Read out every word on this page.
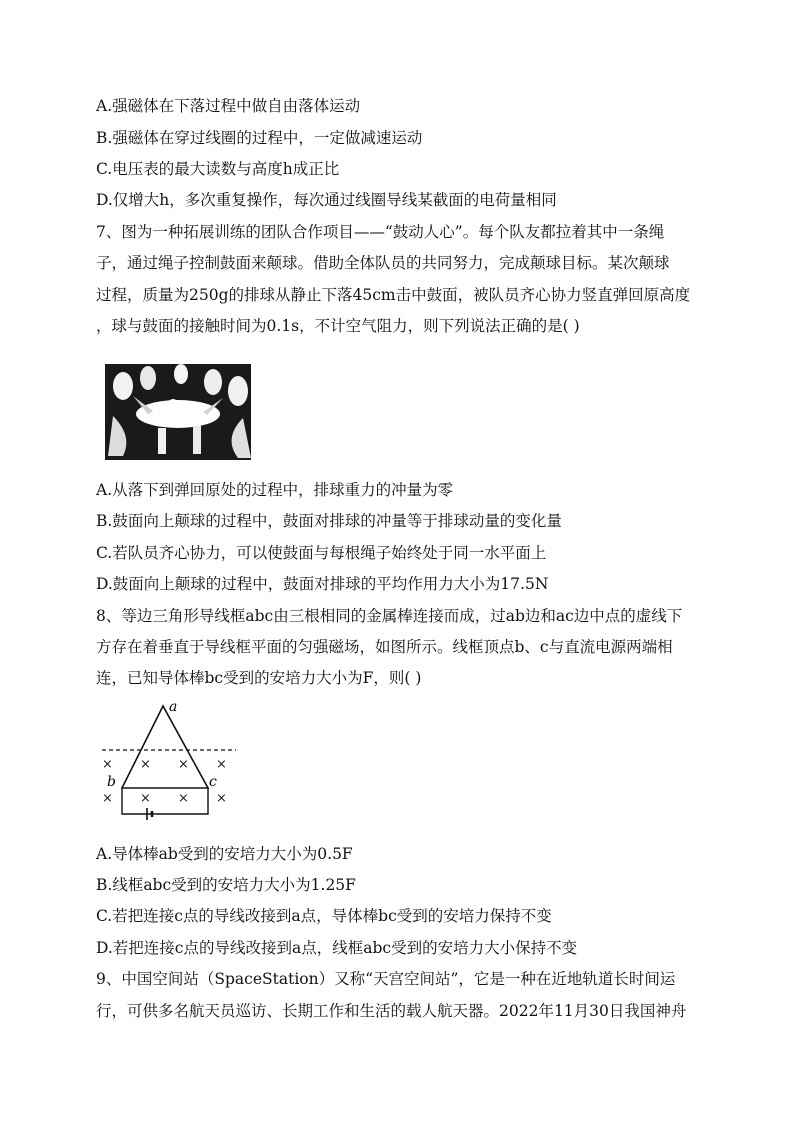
A.强磁体在下落过程中做自由落体运动
B.强磁体在穿过线圈的过程中，一定做减速运动
C.电压表的最大读数与高度h成正比
D.仅增大h，多次重复操作，每次通过线圈导线某截面的电荷量相同
7、图为一种拓展训练的团队合作项目——“鼓动人心”。每个队友都拉着其中一条绳
子，通过绳子控制鼓面来颠球。借助全体队员的共同努力，完成颠球目标。某次颠球
过程，质量为250g的排球从静止下落45cm击中鼓面，被队员齐心协力竖直弹回原高度
，球与鼓面的接触时间为0.1s，不计空气阻力，则下列说法正确的是( )
A.从落下到弹回原处的过程中，排球重力的冲量为零
B.鼓面向上颠球的过程中，鼓面对排球的冲量等于排球动量的变化量
C.若队员齐心协力，可以使鼓面与每根绳子始终处于同一水平面上
D.鼓面向上颠球的过程中，鼓面对排球的平均作用力大小为17.5N
8、等边三角形导线框abc由三根相同的金属棒连接而成，过ab边和ac边中点的虚线下
方存在着垂直于导线框平面的匀强磁场，如图所示。线框顶点b、c与直流电源两端相
连，已知导体棒bc受到的安培力大小为F，则( )
a
b	c
× × × ×
× × × ×
A.导体棒ab受到的安培力大小为0.5F
B.线框abc受到的安培力大小为1.25F
C.若把连接c点的导线改接到a点，导体棒bc受到的安培力保持不变
D.若把连接c点的导线改接到a点，线框abc受到的安培力大小保持不变
9、中国空间站（SpaceStation）又称“天宫空间站”，它是一种在近地轨道长时间运
行，可供多名航天员巡访、长期工作和生活的载人航天器。2022年11月30日我国神舟
